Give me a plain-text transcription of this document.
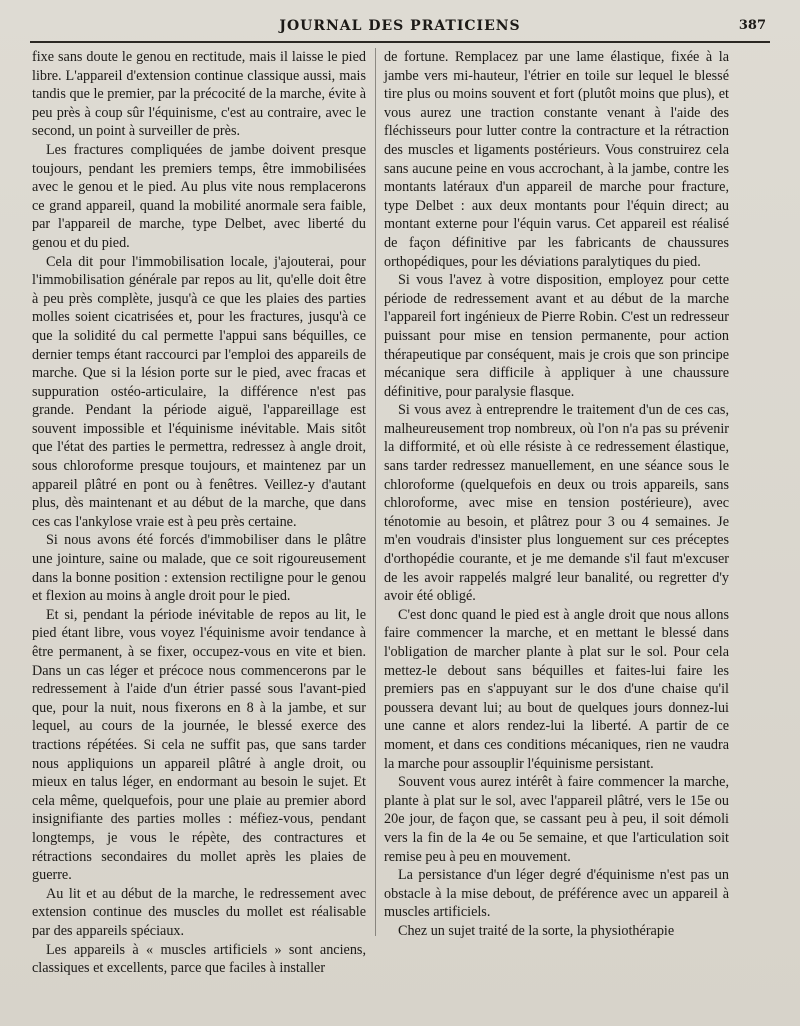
JOURNAL DES PRATICIENS	387

fixe sans doute le genou en rectitude, mais il laisse le pied libre. L'appareil d'extension continue classique aussi, mais tandis que le premier, par la précocité de la marche, évite à peu près à coup sûr l'équinisme, c'est au contraire, avec le second, un point à surveiller de près.

Les fractures compliquées de jambe doivent presque toujours, pendant les premiers temps, être immobilisées avec le genou et le pied. Au plus vite nous remplacerons ce grand appareil, quand la mobilité anormale sera faible, par l'appareil de marche, type Delbet, avec liberté du genou et du pied.

Cela dit pour l'immobilisation locale, j'ajouterai, pour l'immobilisation générale par repos au lit, qu'elle doit être à peu près complète, jusqu'à ce que les plaies des parties molles soient cicatrisées et, pour les fractures, jusqu'à ce que la solidité du cal permette l'appui sans béquilles, ce dernier temps étant raccourci par l'emploi des appareils de marche. Que si la lésion porte sur le pied, avec fracas et suppuration ostéo-articulaire, la différence n'est pas grande. Pendant la période aiguë, l'appareillage est souvent impossible et l'équinisme inévitable. Mais sitôt que l'état des parties le permettra, redressez à angle droit, sous chloroforme presque toujours, et maintenez par un appareil plâtré en pont ou à fenêtres. Veillez-y d'autant plus, dès maintenant et au début de la marche, que dans ces cas l'ankylose vraie est à peu près certaine.

Si nous avons été forcés d'immobiliser dans le plâtre une jointure, saine ou malade, que ce soit rigoureusement dans la bonne position : extension rectiligne pour le genou et flexion au moins à angle droit pour le pied.

Et si, pendant la période inévitable de repos au lit, le pied étant libre, vous voyez l'équinisme avoir tendance à être permanent, à se fixer, occupez-vous en vite et bien. Dans un cas léger et précoce nous commencerons par le redressement à l'aide d'un étrier passé sous l'avant-pied que, pour la nuit, nous fixerons en 8 à la jambe, et sur lequel, au cours de la journée, le blessé exerce des tractions répétées. Si cela ne suffit pas, que sans tarder nous appliquions un appareil plâtré à angle droit, ou mieux en talus léger, en endormant au besoin le sujet. Et cela même, quelquefois, pour une plaie au premier abord insignifiante des parties molles : méfiez-vous, pendant longtemps, je vous le répète, des contractures et rétractions secondaires du mollet après les plaies de guerre.

Au lit et au début de la marche, le redressement avec extension continue des muscles du mollet est réalisable par des appareils spéciaux.

Les appareils à « muscles artificiels » sont anciens, classiques et excellents, parce que faciles à installer

de fortune. Remplacez par une lame élastique, fixée à la jambe vers mi-hauteur, l'étrier en toile sur lequel le blessé tire plus ou moins souvent et fort (plutôt moins que plus), et vous aurez une traction constante venant à l'aide des fléchisseurs pour lutter contre la contracture et la rétraction des muscles et ligaments postérieurs. Vous construirez cela sans aucune peine en vous accrochant, à la jambe, contre les montants latéraux d'un appareil de marche pour fracture, type Delbet : aux deux montants pour l'équin direct; au montant externe pour l'équin varus. Cet appareil est réalisé de façon définitive par les fabricants de chaussures orthopédiques, pour les déviations paralytiques du pied.

Si vous l'avez à votre disposition, employez pour cette période de redressement avant et au début de la marche l'appareil fort ingénieux de Pierre Robin. C'est un redresseur puissant pour mise en tension permanente, pour action thérapeutique par conséquent, mais je crois que son principe mécanique sera difficile à appliquer à une chaussure définitive, pour paralysie flasque.

Si vous avez à entreprendre le traitement d'un de ces cas, malheureusement trop nombreux, où l'on n'a pas su prévenir la difformité, et où elle résiste à ce redressement élastique, sans tarder redressez manuellement, en une séance sous le chloroforme (quelquefois en deux ou trois appareils, sans chloroforme, avec mise en tension postérieure), avec ténotomie au besoin, et plâtrez pour 3 ou 4 semaines. Je m'en voudrais d'insister plus longuement sur ces préceptes d'orthopédie courante, et je me demande s'il faut m'excuser de les avoir rappelés malgré leur banalité, ou regretter d'y avoir été obligé.

C'est donc quand le pied est à angle droit que nous allons faire commencer la marche, et en mettant le blessé dans l'obligation de marcher plante à plat sur le sol. Pour cela mettez-le debout sans béquilles et faites-lui faire les premiers pas en s'appuyant sur le dos d'une chaise qu'il poussera devant lui; au bout de quelques jours donnez-lui une canne et alors rendez-lui la liberté. A partir de ce moment, et dans ces conditions mécaniques, rien ne vaudra la marche pour assouplir l'équinisme persistant.

Souvent vous aurez intérêt à faire commencer la marche, plante à plat sur le sol, avec l'appareil plâtré, vers le 15e ou 20e jour, de façon que, se cassant peu à peu, il soit démoli vers la fin de la 4e ou 5e semaine, et que l'articulation soit remise peu à peu en mouvement.

La persistance d'un léger degré d'équinisme n'est pas un obstacle à la mise debout, de préférence avec un appareil à muscles artificiels.

Chez un sujet traité de la sorte, la physiothérapie
